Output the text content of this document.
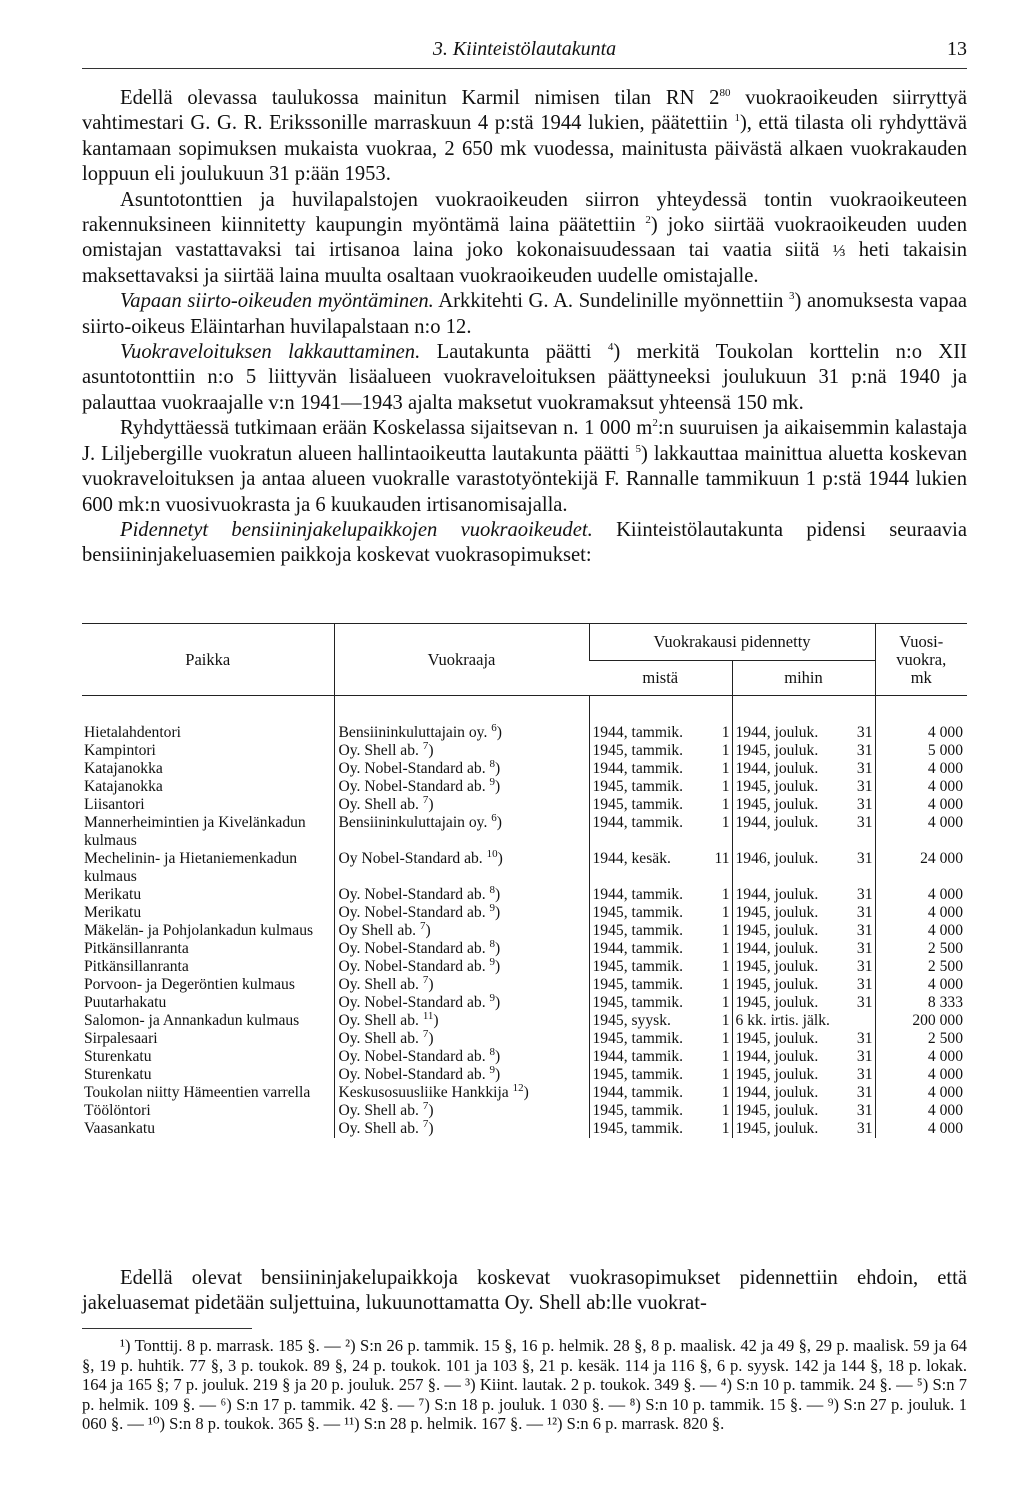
3. Kiinteistölautakunta	13

Edellä olevassa taulukossa mainitun Karmil nimisen tilan RN $2^{80}$ vuokraoikeuden siirryttyä vahtimestari G. G. R. Erikssonille marraskuun 4 p:stä 1944 lukien, päätettiin $^1$), että tilasta oli ryhdyttävä kantamaan sopimuksen mukaista vuokraa, 2 650 mk vuodessa, mainitusta päivästä alkaen vuokrakauden loppuun eli joulukuun 31 p:ään 1953.

Asuntotonttien ja huvilapalstojen vuokraoikeuden siirron yhteydessä tontin vuokraoikeuteen rakennuksineen kiinnitetty kaupungin myöntämä laina päätettiin $^2$) joko siirtää vuokraoikeuden uuden omistajan vastattavaksi tai irtisanoa laina joko kokonaisuudessaan tai vaatia siitä ⅓ heti takaisin maksettavaksi ja siirtää laina muulta osaltaan vuokraoikeuden uudelle omistajalle.

Vapaan siirto-oikeuden myöntäminen. Arkkitehti G. A. Sundelinille myönnettiin $^3$) anomuksesta vapaa siirto-oikeus Eläintarhan huvilapalstaan n:o 12.

Vuokraveloituksen lakkauttaminen. Lautakunta päätti $^4$) merkitä Toukolan korttelin n:o XII asuntotonttiin n:o 5 liittyvän lisäalueen vuokraveloituksen päättyneeksi joulukuun 31 p:nä 1940 ja palauttaa vuokraajalle v:n 1941—1943 ajalta maksetut vuokramaksut yhteensä 150 mk.

Ryhdyttäessä tutkimaan erään Koskelassa sijaitsevan n. 1 000 $m^2:n$ suuruisen ja aikaisemmin kalastaja J. Liljebergille vuokratun alueen hallintaoikeutta lautakunta päätti $^5$) lakkauttaa mainittua aluetta koskevan vuokraveloituksen ja antaa alueen vuokralle varastotyöntekijä F. Rannalle tammikuun 1 p:stä 1944 lukien 600 mk:n vuosivuokrasta ja 6 kuukauden irtisanomisajalla.

Pidennetyt bensiininjakelupaikkojen vuokraoikeudet. Kiinteistölautakunta pidensi seuraavia bensiininjakeluasemien paikkoja koskevat vuokrasopimukset:

Paikka	Vuokraaja	Vuokrakausi pidennetty		Vuosi-
vuokra,
mk
		mistä	mihin	

Hietalahdentori	Bensiininkuluttajain oy. $^6$)	1944, tammik. 1	1944, jouluk. 31	4 000
Kampintori	Oy. Shell ab. $^7$)	1945, tammik. 1	1945, jouluk. 31	5 000
Katajanokka	Oy. Nobel-Standard ab. $^8$)	1944, tammik. 1	1944, jouluk. 31	4 000
Katajanokka	Oy. Nobel-Standard ab. $^9$)	1945, tammik. 1	1945, jouluk. 31	4 000
Liisantori	Oy. Shell ab. $^7$)	1945, tammik. 1	1945, jouluk. 31	4 000
Mannerheimintien ja Kivelänkadun kulmaus	Bensiininkuluttajain oy. $^6$)	1944, tammik. 1	1944, jouluk. 31	4 000
Mechelinin- ja Hietaniemenkadun kulmaus	Oy Nobel-Standard ab. $^{10}$)	1944, kesäk. 11	1946, jouluk. 31	24 000
Merikatu	Oy. Nobel-Standard ab. $^8$)	1944, tammik. 1	1944, jouluk. 31	4 000
Merikatu	Oy. Nobel-Standard ab. $^9$)	1945, tammik. 1	1945, jouluk. 31	4 000
Mäkelän- ja Pohjolankadun kulmaus	Oy Shell ab. $^7$)	1945, tammik. 1	1945, jouluk. 31	4 000
Pitkänsillanranta	Oy. Nobel-Standard ab. $^8$)	1944, tammik. 1	1944, jouluk. 31	2 500
Pitkänsillanranta	Oy. Nobel-Standard ab. $^9$)	1945, tammik. 1	1945, jouluk. 31	2 500
Porvoon- ja Degeröntien kulmaus	Oy. Shell ab. $^7$)	1945, tammik. 1	1945, jouluk. 31	4 000
Puutarhakatu	Oy. Nobel-Standard ab. $^9$)	1945, tammik. 1	1945, jouluk. 31	8 333
Salomon- ja Annankadun kulmaus	Oy. Shell ab. $^{11}$)	1945, syysk. 1	6 kk. irtis. jälk.	200 000
Sirpalesaari	Oy. Shell ab. $^7$)	1945, tammik. 1	1945, jouluk. 31	2 500
Sturenkatu	Oy. Nobel-Standard ab. $^8$)	1944, tammik. 1	1944, jouluk. 31	4 000
Sturenkatu	Oy. Nobel-Standard ab. $^9$)	1945, tammik. 1	1945, jouluk. 31	4 000
Toukolan niitty Hämeentien varrella	Keskusosuusliike Hankkija $^{12}$)	1944, tammik. 1	1944, jouluk. 31	4 000
Töölöntori	Oy. Shell ab. $^7$)	1945, tammik. 1	1945, jouluk. 31	4 000
Vaasankatu	Oy. Shell ab. $^7$)	1945, tammik. 1	1945, jouluk. 31	4 000

Edellä olevat bensiininjakelupaikkoja koskevat vuokrasopimukset pidennettiin ehdoin, että jakeluasemat pidetään suljettuina, lukuunottamatta Oy. Shell ab:lle vuokrat-

¹) Tonttij. 8 p. marrask. 185 §. — ²) S:n 26 p. tammik. 15 §, 16 p. helmik. 28 §, 8 p. maalisk. 42 ja 49 §, 29 p. maalisk. 59 ja 64 §, 19 p. huhtik. 77 §, 3 p. toukok. 89 §, 24 p. toukok. 101 ja 103 §, 21 p. kesäk. 114 ja 116 §, 6 p. syysk. 142 ja 144 §, 18 p. lokak. 164 ja 165 §; 7 p. jouluk. 219 § ja 20 p. jouluk. 257 §. — ³) Kiint. lautak. 2 p. toukok. 349 §. — ⁴) S:n 10 p. tammik. 24 §. — ⁵) S:n 7 p. helmik. 109 §. — ⁶) S:n 17 p. tammik. 42 §. — ⁷) S:n 18 p. jouluk. 1 030 §. — ⁸) S:n 10 p. tammik. 15 §. — ⁹) S:n 27 p. jouluk. 1 060 §. — ¹⁰) S:n 8 p. toukok. 365 §. — ¹¹) S:n 28 p. helmik. 167 §. — ¹²) S:n 6 p. marrask. 820 §.
